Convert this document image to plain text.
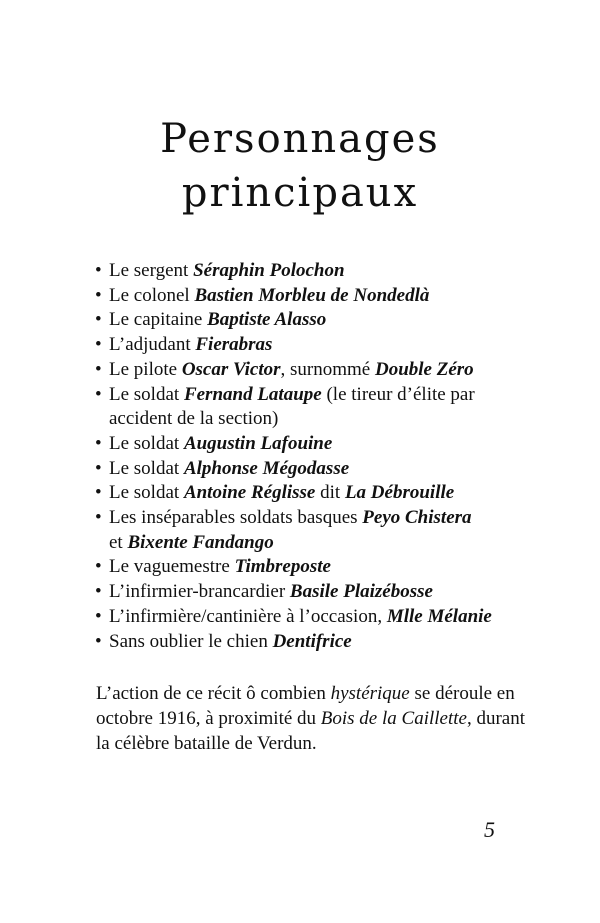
Personnages
principaux
• Le sergent Séraphin Polochon
• Le colonel Bastien Morbleu de Nondedlà
• Le capitaine Baptiste Alasso
• L’adjudant Fierabras
• Le pilote Oscar Victor, surnommé Double Zéro
• Le soldat Fernand Lataupe (le tireur d’élite par accident de la section)
• Le soldat Augustin Lafouine
• Le soldat Alphonse Mégodasse
• Le soldat Antoine Réglisse dit La Débrouille
• Les inséparables soldats basques Peyo Chistera
et Bixente Fandango
• Le vaguemestre Timbreposte
• L’infirmier-brancardier Basile Plaizébosse
• L’infirmière/cantinière à l’occasion, Mlle Mélanie
• Sans oublier le chien Dentifrice

L’action de ce récit ô combien hystérique se déroule en octobre 1916, à proximité du Bois de la Caillette, durant la célèbre bataille de Verdun.

5
